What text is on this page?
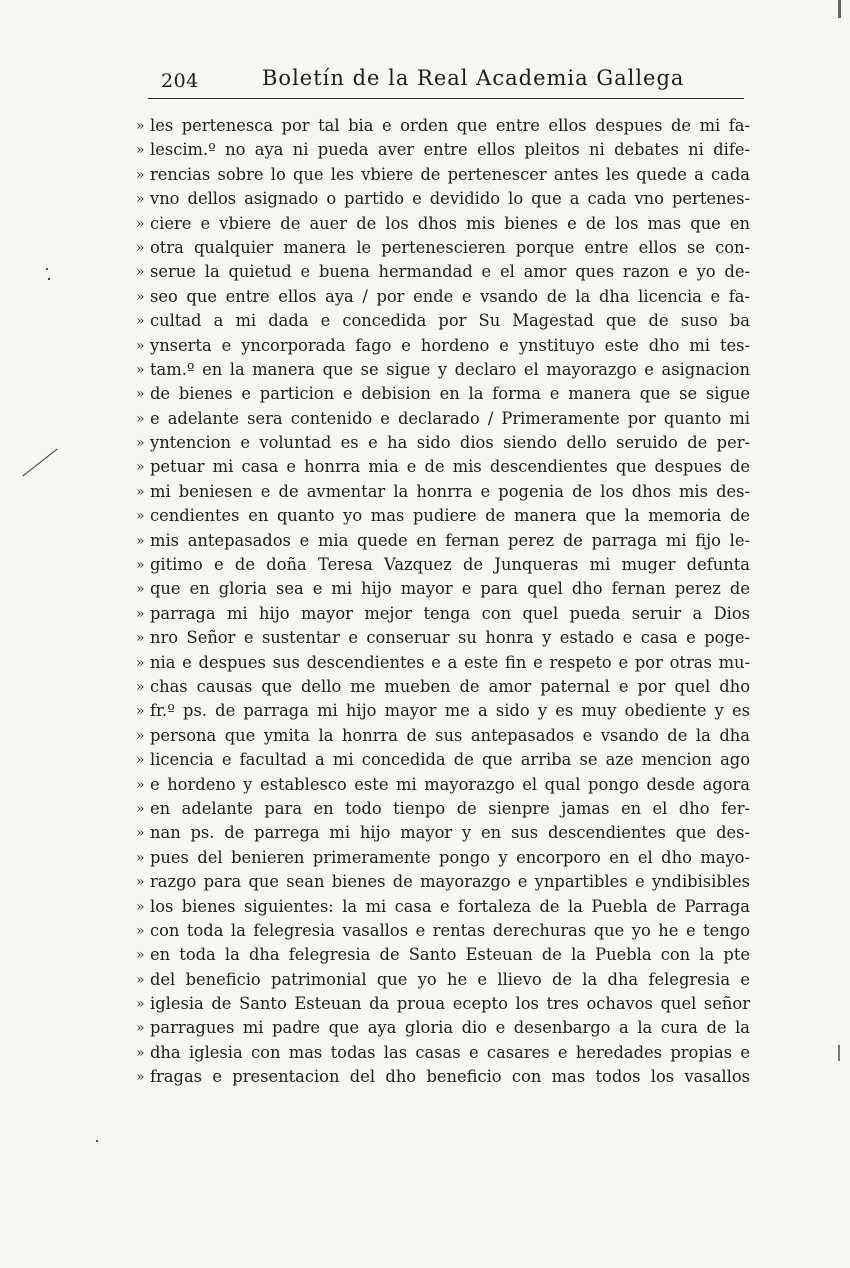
204	Boletín de la Real Academia Gallega
» les pertenesca por tal bia e orden que entre ellos despues de mi fa-
» lescim.º no aya ni pueda aver entre ellos pleitos ni debates ni dife-
» rencias sobre lo que les vbiere de pertenescer antes les quede a cada
» vno dellos asignado o partido e devidido lo que a cada vno pertenes-
» ciere e vbiere de auer de los dhos mis bienes e de los mas que en
» otra qualquier manera le pertenescieren porque entre ellos se con-
» serue la quietud e buena hermandad e el amor ques razon e yo de-
» seo que entre ellos aya / por ende e vsando de la dha licencia e fa-
» cultad a mi dada e concedida por Su Magestad que de suso ba
» ynserta e yncorporada fago e hordeno e ynstituyo este dho mi tes-
» tam.º en la manera que se sigue y declaro el mayorazgo e asignacion
» de bienes e particion e debision en la forma e manera que se sigue
» e adelante sera contenido e declarado / Primeramente por quanto mi
» yntencion e voluntad es e ha sido dios siendo dello seruido de per-
» petuar mi casa e honrra mia e de mis descendientes que despues de
» mi beniesen e de avmentar la honrra e pogenia de los dhos mis des-
» cendientes en quanto yo mas pudiere de manera que la memoria de
» mis antepasados e mia quede en fernan perez de parraga mi fijo le-
» gitimo e de doña Teresa Vazquez de Junqueras mi muger defunta
» que en gloria sea e mi hijo mayor e para quel dho fernan perez de
» parraga mi hijo mayor mejor tenga con quel pueda seruir a Dios
» nro Señor e sustentar e conseruar su honra y estado e casa e poge-
» nia e despues sus descendientes e a este fin e respeto e por otras mu-
» chas causas que dello me mueben de amor paternal e por quel dho
» fr.º ps. de parraga mi hijo mayor me a sido y es muy obediente y es
» persona que ymita la honrra de sus antepasados e vsando de la dha
» licencia e facultad a mi concedida de que arriba se aze mencion ago
» e hordeno y establesco este mi mayorazgo el qual pongo desde agora
» en adelante para en todo tienpo de sienpre jamas en el dho fer-
» nan ps. de parrega mi hijo mayor y en sus descendientes que des-
» pues del benieren primeramente pongo y encorporo en el dho mayo-
» razgo para que sean bienes de mayorazgo e ynpartibles e yndibisibles
» los bienes siguientes: la mi casa e fortaleza de la Puebla de Parraga
» con toda la felegresia vasallos e rentas derechuras que yo he e tengo
» en toda la dha felegresia de Santo Esteuan de la Puebla con la pte
» del beneficio patrimonial que yo he e llievo de la dha felegresia e
» iglesia de Santo Esteuan da proua ecepto los tres ochavos quel señor
» parragues mi padre que aya gloria dio e desenbargo a la cura de la
» dha iglesia con mas todas las casas e casares e heredades propias e
» fragas e presentacion del dho beneficio con mas todos los vasallos
